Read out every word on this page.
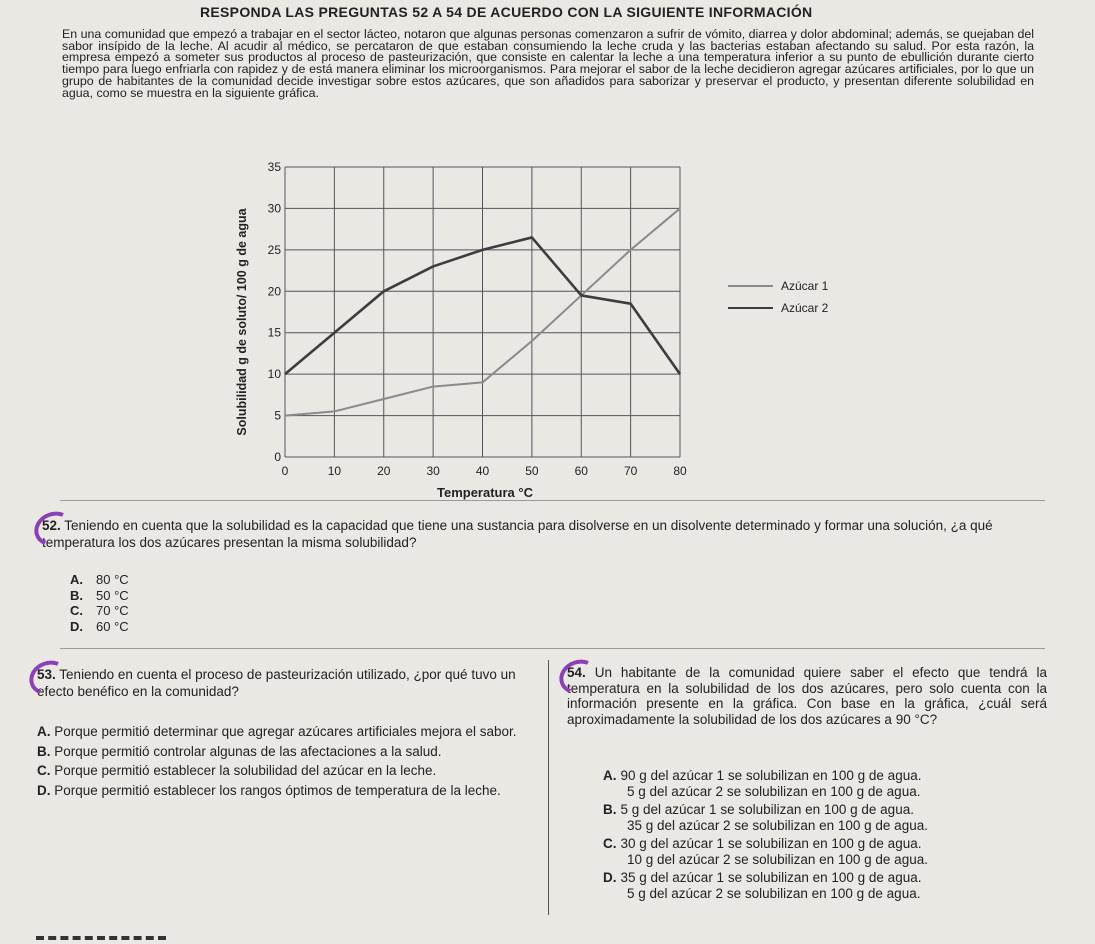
RESPONDA LAS PREGUNTAS 52 A 54 DE ACUERDO CON LA SIGUIENTE INFORMACIÓN
En una comunidad que empezó a trabajar en el sector lácteo, notaron que algunas personas comenzaron a sufrir de vómito, diarrea y dolor abdominal; además, se quejaban del sabor insípido de la leche. Al acudir al médico, se percataron de que estaban consumiendo la leche cruda y las bacterias estaban afectando su salud. Por esta razón, la empresa empezó a someter sus productos al proceso de pasteurización, que consiste en calentar la leche a una temperatura inferior a su punto de ebullición durante cierto tiempo para luego enfriarla con rapidez y de está manera eliminar los microorganismos. Para mejorar el sabor de la leche decidieron agregar azúcares artificiales, por lo que un grupo de habitantes de la comunidad decide investigar sobre estos azúcares, que son añadidos para saborizar y preservar el producto, y presentan diferente solubilidad en agua, como se muestra en la siguiente gráfica.
0
5
10
15
20
25
30
35
0	10	20	30	40	50	60	70	80
Solubilidad g de soluto/ 100 g de agua
Temperatura °C
Azúcar 1
Azúcar 2
52. Teniendo en cuenta que la solubilidad es la capacidad que tiene una sustancia para disolverse en un disolvente determinado y formar una solución, ¿a qué temperatura los dos azúcares presentan la misma solubilidad?
A.	80 °C
B.	50 °C
C.	70 °C
D.	60 °C
53. Teniendo en cuenta el proceso de pasteurización utilizado, ¿por qué tuvo un efecto benéfico en la comunidad?
A. Porque permitió determinar que agregar azúcares artificiales mejora el sabor.
B. Porque permitió controlar algunas de las afectaciones a la salud.
C. Porque permitió establecer la solubilidad del azúcar en la leche.
D. Porque permitió establecer los rangos óptimos de temperatura de la leche.
54. Un habitante de la comunidad quiere saber el efecto que tendrá la temperatura en la solubilidad de los dos azúcares, pero solo cuenta con la información presente en la gráfica. Con base en la gráfica, ¿cuál será aproximadamente la solubilidad de los dos azúcares a 90 °C?
A. 90 g del azúcar 1 se solubilizan en 100 g de agua.
5 g del azúcar 2 se solubilizan en 100 g de agua.
B. 5 g del azúcar 1 se solubilizan en 100 g de agua.
35 g del azúcar 2 se solubilizan en 100 g de agua.
C. 30 g del azúcar 1 se solubilizan en 100 g de agua.
10 g del azúcar 2 se solubilizan en 100 g de agua.
D. 35 g del azúcar 1 se solubilizan en 100 g de agua.
5 g del azúcar 2 se solubilizan en 100 g de agua.
